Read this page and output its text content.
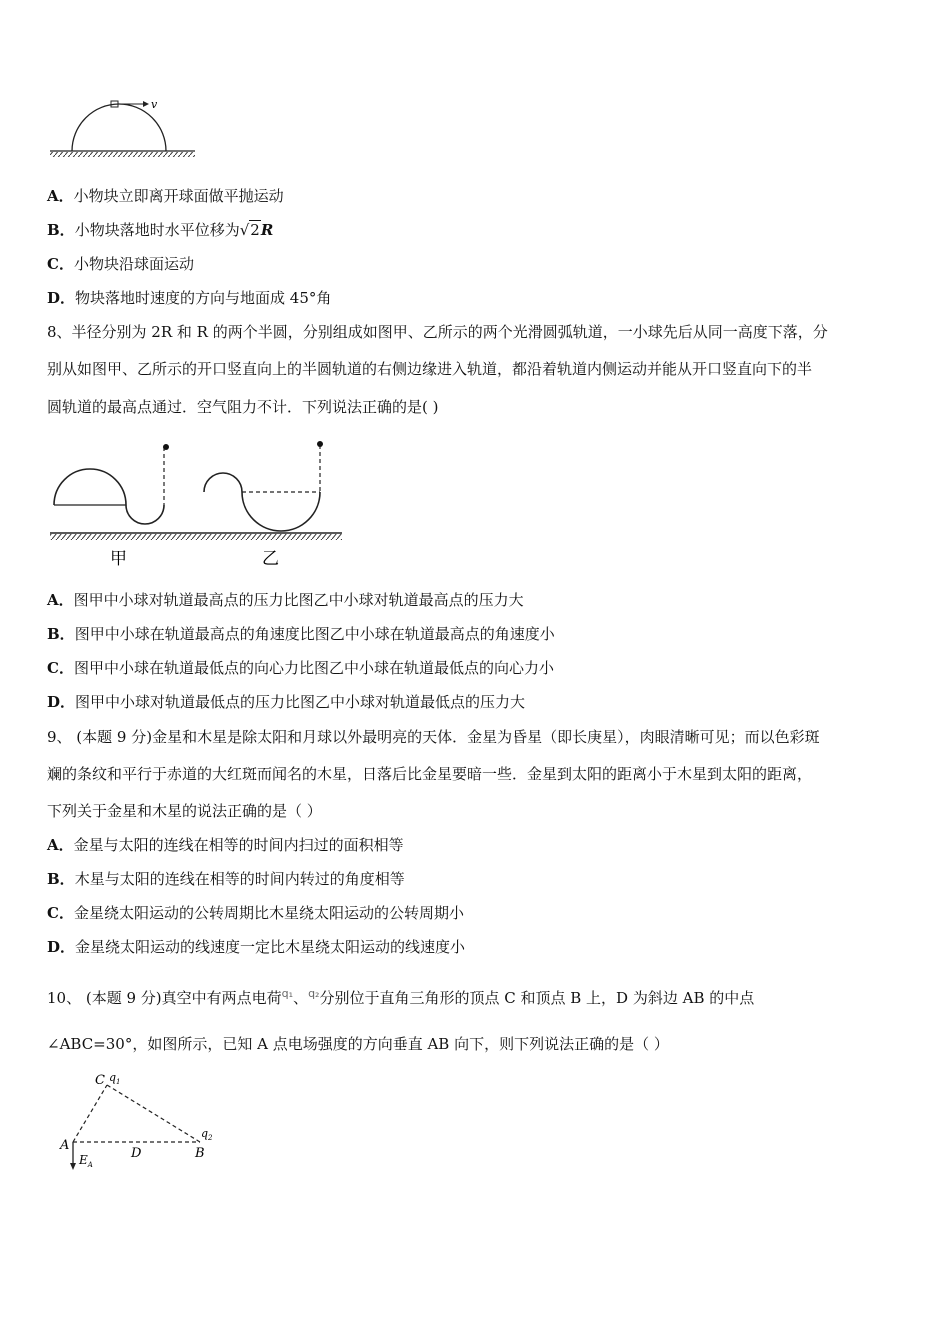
v
A．小物块立即离开球面做平抛运动
B．小物块落地时水平位移为√2R
C．小物块沿球面运动
D．物块落地时速度的方向与地面成 45°角
8、半径分别为 2R 和 R 的两个半圆，分别组成如图甲、乙所示的两个光滑圆弧轨道，一小球先后从同一高度下落，分
别从如图甲、乙所示的开口竖直向上的半圆轨道的右侧边缘进入轨道，都沿着轨道内侧运动并能从开口竖直向下的半
圆轨道的最高点通过．空气阻力不计．下列说法正确的是( )
甲	乙
A．图甲中小球对轨道最高点的压力比图乙中小球对轨道最高点的压力大
B．图甲中小球在轨道最高点的角速度比图乙中小球在轨道最高点的角速度小
C．图甲中小球在轨道最低点的向心力比图乙中小球在轨道最低点的向心力小
D．图甲中小球对轨道最低点的压力比图乙中小球对轨道最低点的压力大
9、 (本题 9 分)金星和木星是除太阳和月球以外最明亮的天体．金星为昏星（即长庚星），肉眼清晰可见；而以色彩斑
斓的条纹和平行于赤道的大红斑而闻名的木星，日落后比金星要暗一些．金星到太阳的距离小于木星到太阳的距离，
下列关于金星和木星的说法正确的是（ ）
A．金星与太阳的连线在相等的时间内扫过的面积相等
B．木星与太阳的连线在相等的时间内转过的角度相等
C．金星绕太阳运动的公转周期比木星绕太阳运动的公转周期小
D．金星绕太阳运动的线速度一定比木星绕太阳运动的线速度小
10、 (本题 9 分)真空中有两点电荷$^{q_1}$、$^{q_2}$分别位于直角三角形的顶点 C 和顶点 B 上，D 为斜边 AB 的中点
∠ABC=30°，如图所示，已知 A 点电场强度的方向垂直 AB 向下，则下列说法正确的是（ ）
C $q_1$
A
D	B
$q_2$
$E_A$
